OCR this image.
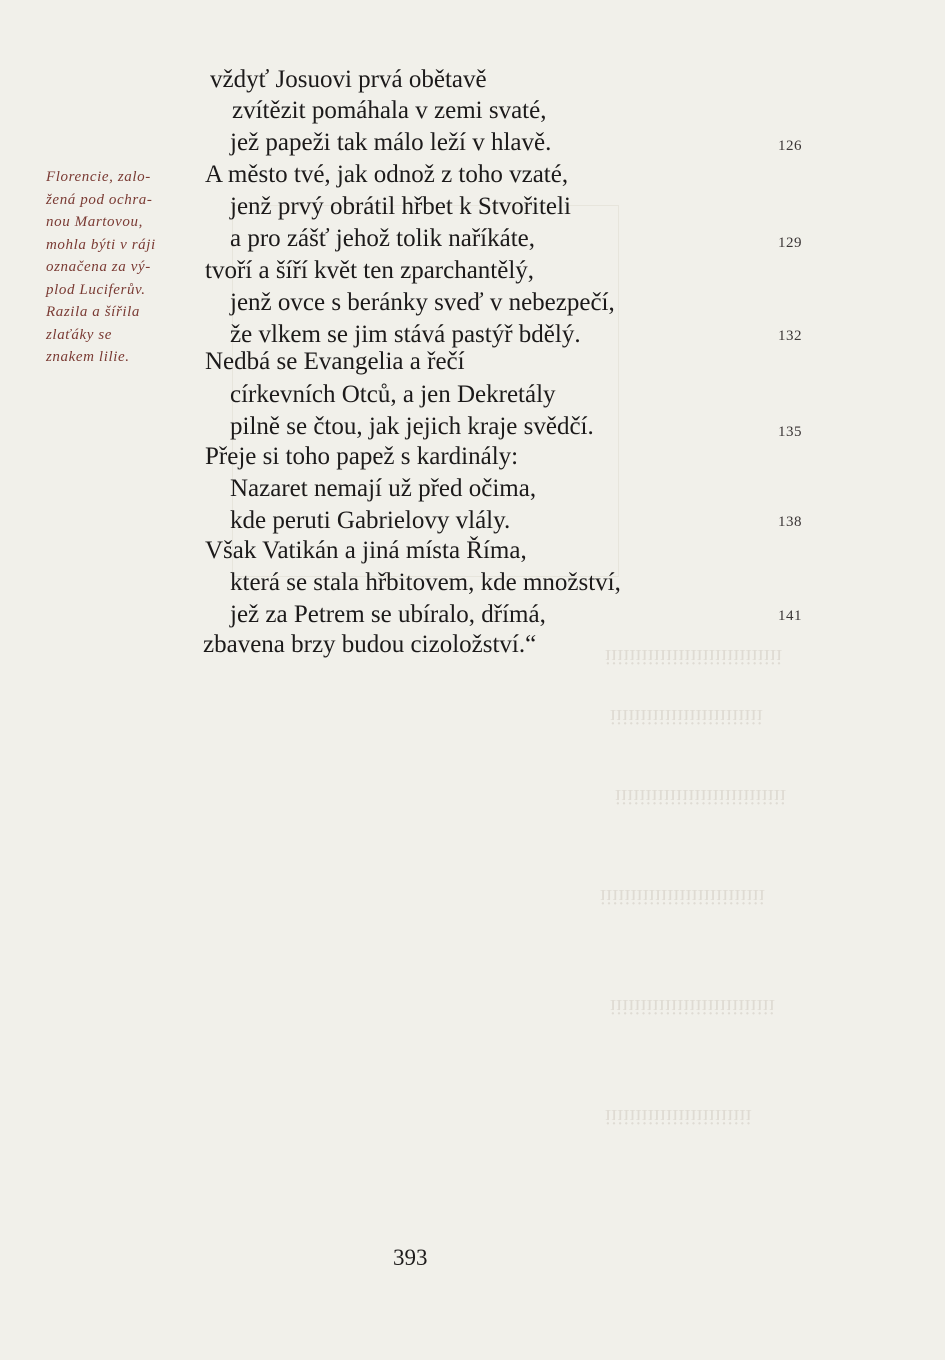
ᴉᴉᴉᴉᴉᴉᴉᴉᴉᴉᴉᴉᴉᴉᴉᴉᴉᴉᴉᴉᴉᴉᴉᴉᴉᴉᴉᴉᴉ
ᴉᴉᴉᴉᴉᴉᴉᴉᴉᴉᴉᴉᴉᴉᴉᴉᴉᴉᴉᴉᴉᴉᴉᴉᴉ
ᴉᴉᴉᴉᴉᴉᴉᴉᴉᴉᴉᴉᴉᴉᴉᴉᴉᴉᴉᴉᴉᴉᴉᴉᴉᴉᴉᴉ
ᴉᴉᴉᴉᴉᴉᴉᴉᴉᴉᴉᴉᴉᴉᴉᴉᴉᴉᴉᴉᴉᴉᴉᴉᴉᴉᴉ
ᴉᴉᴉᴉᴉᴉᴉᴉᴉᴉᴉᴉᴉᴉᴉᴉᴉᴉᴉᴉᴉᴉᴉᴉᴉᴉᴉ
ᴉᴉᴉᴉᴉᴉᴉᴉᴉᴉᴉᴉᴉᴉᴉᴉᴉᴉᴉᴉᴉᴉᴉᴉ
Florencie, zalo-
žená pod ochra-
nou Martovou,
mohla býti v ráji
označena za vý-
plod Luciferův.
Razila a šířila
zlaťáky se
znakem lilie.
vždyť Josuovi prvá obětavě
zvítězit pomáhala v zemi svaté,
jež papeži tak málo leží v hlavě.
A město tvé, jak odnož z toho vzaté,
jenž prvý obrátil hřbet k Stvořiteli
a pro zášť jehož tolik naříkáte,
tvoří a šíří květ ten zparchantělý,
jenž ovce s beránky sveď v nebezpečí,
že vlkem se jim stává pastýř bdělý.
Nedbá se Evangelia a řečí
církevních Otců, a jen Dekretály
pilně se čtou, jak jejich kraje svědčí.
Přeje si toho papež s kardinály:
Nazaret nemají už před očima,
kde peruti Gabrielovy vlály.
Však Vatikán a jiná místa Říma,
která se stala hřbitovem, kde množství,
jež za Petrem se ubíralo, dřímá,
zbavena brzy budou cizoložství.“
126
129
132
135
138
141
393
